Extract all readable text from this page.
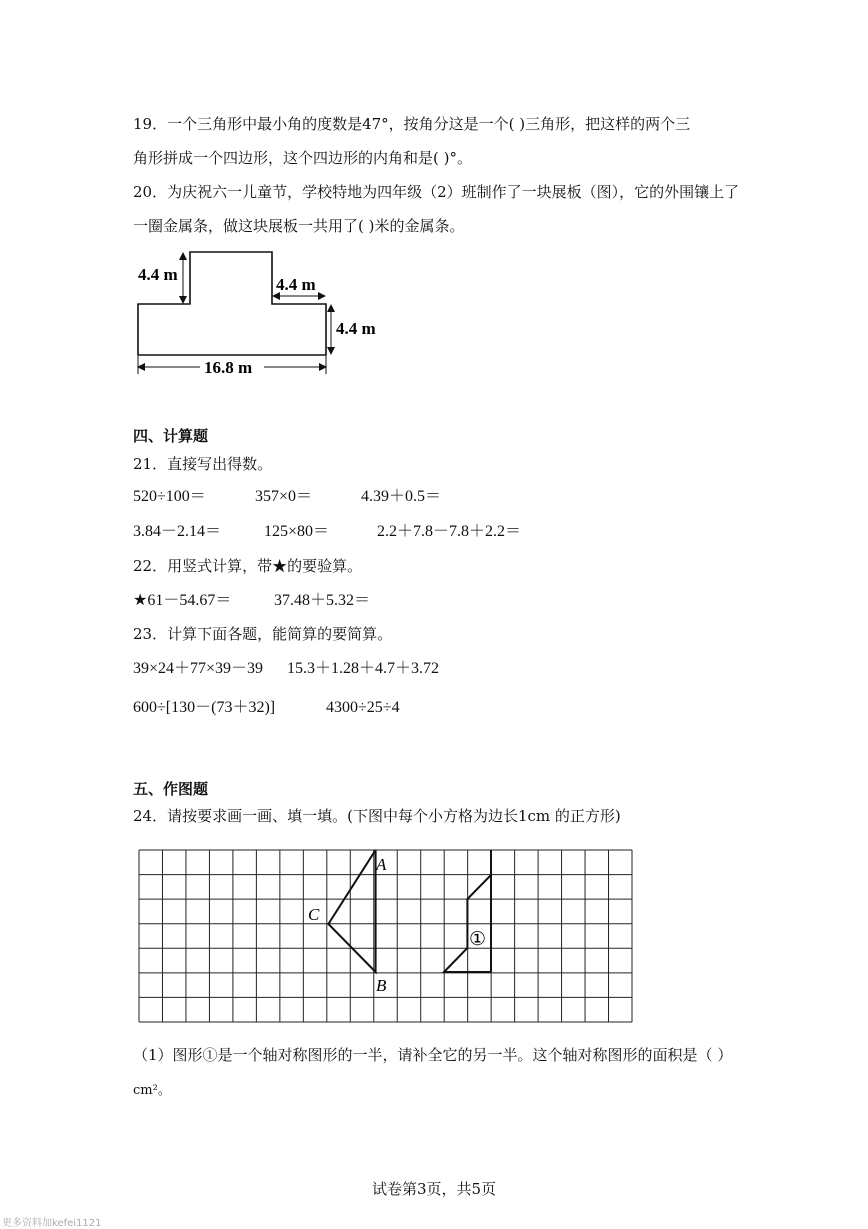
19．一个三角形中最小角的度数是47°，按角分这是一个( )三角形，把这样的两个三
角形拼成一个四边形，这个四边形的内角和是( )°。
20．为庆祝六一儿童节，学校特地为四年级（2）班制作了一块展板（图），它的外围镶上了
一圈金属条，做这块展板一共用了( )米的金属条。
4.4 m
4.4 m
4.4 m
16.8 m
四、计算题
21．直接写出得数。
520÷100＝	357×0＝	4.39＋0.5＝
3.84－2.14＝	125×80＝	2.2＋7.8－7.8＋2.2＝
22．用竖式计算，带★的要验算。
★61－54.67＝	37.48＋5.32＝
23．计算下面各题，能简算的要简算。
39×24＋77×39－39 15.3＋1.28＋4.7＋3.72
600÷[130－(73＋32)]	4300÷25÷4
五、作图题
24．请按要求画一画、填一填。(下图中每个小方格为边长1cm 的正方形)
A
B
C
①
（1）图形①是一个轴对称图形的一半，请补全它的另一半。这个轴对称图形的面积是（ ）
cm²。
试卷第3页，共5页
更多资料加kefei1121
